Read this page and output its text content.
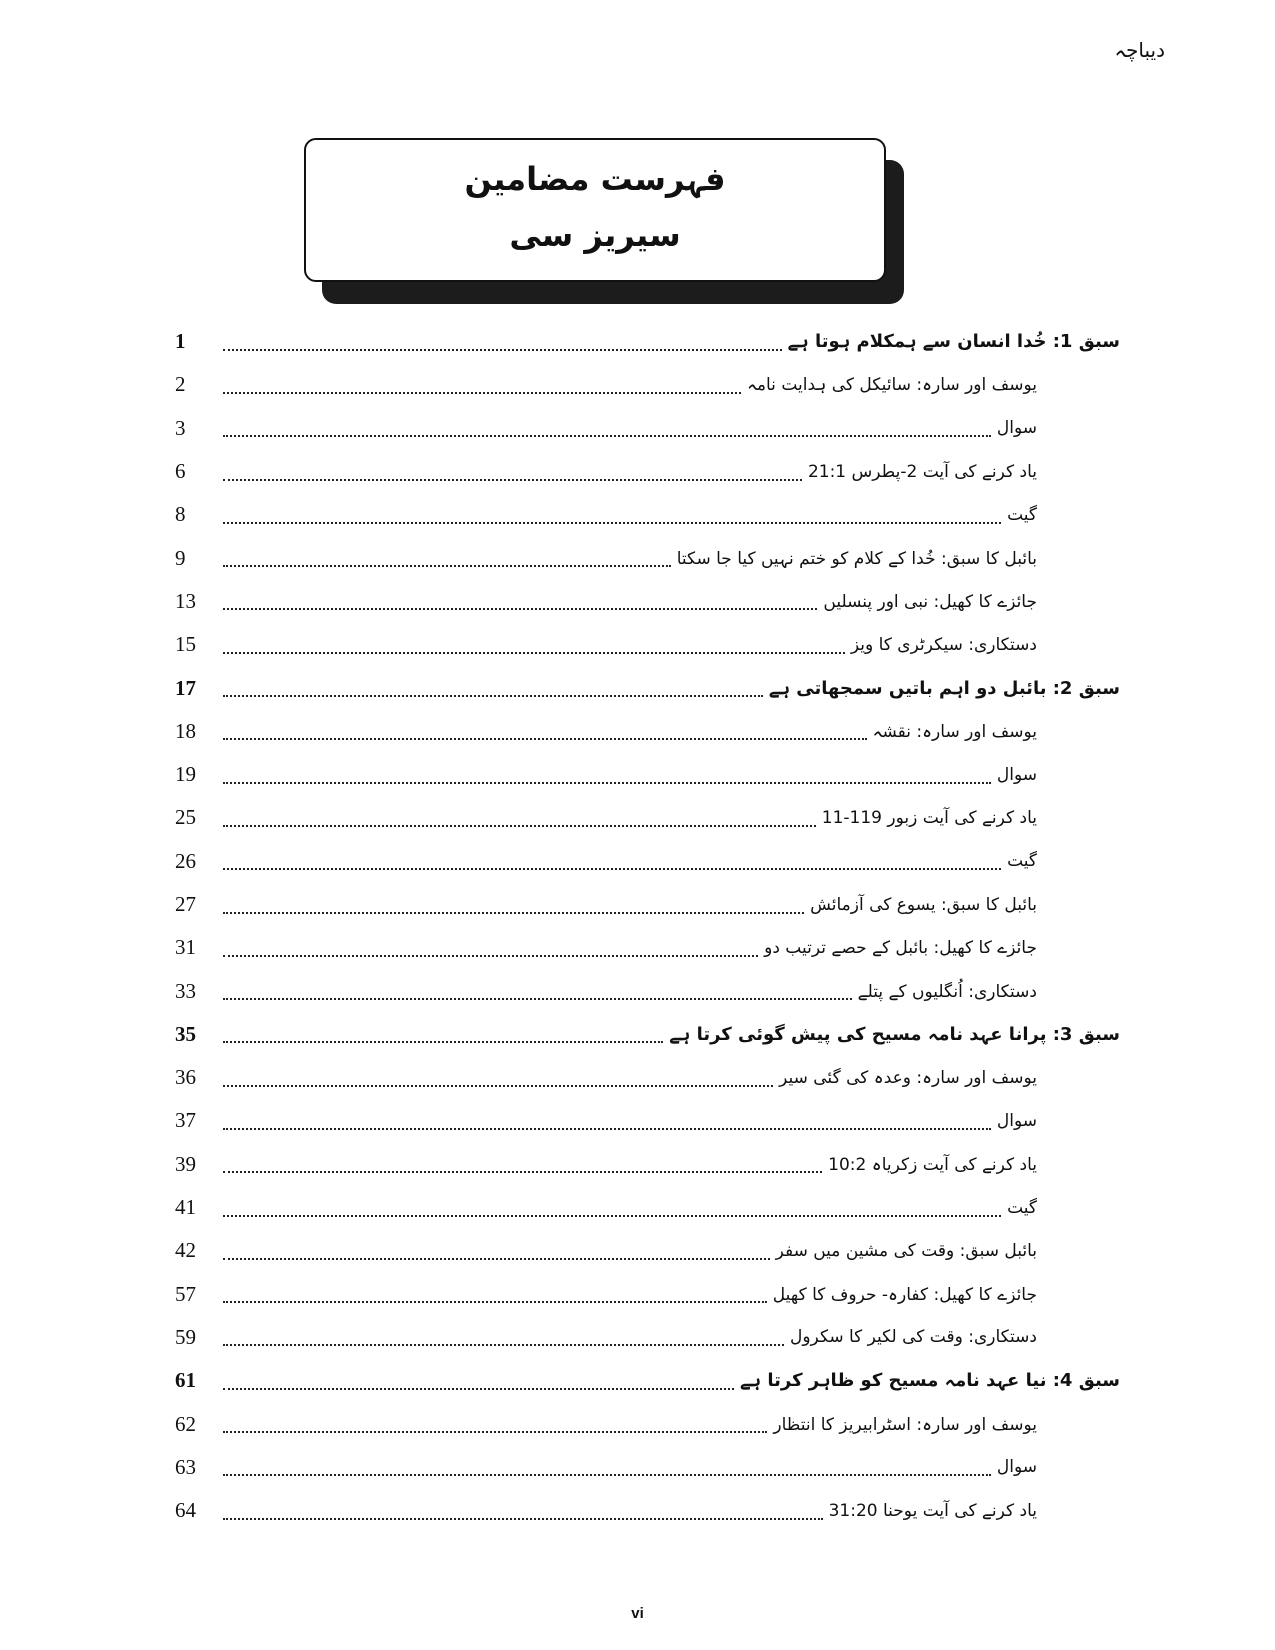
دیباچہ
فہرست مضامین
سیریز سی
سبق 1: خُدا انسان سے ہمکلام ہوتا ہے
1
یوسف اور سارہ: سائیکل کی ہدایت نامہ
2
سوال
3
یاد کرنے کی آیت 2-پطرس 21:1
6
گیت
8
بائبل کا سبق: خُدا کے کلام کو ختم نہیں کیا جا سکتا
9
جائزے کا کھیل: نبی اور پنسلیں
13
دستکاری: سیکرٹری کا ویز
15
سبق 2: بائبل دو اہم باتیں سمجھاتی ہے
17
یوسف اور سارہ: نقشہ
18
سوال
19
یاد کرنے کی آیت زبور 119-11
25
گیت
26
بائبل کا سبق: یسوع کی آزمائش
27
جائزے کا کھیل: بائبل کے حصے ترتیب دو
31
دستکاری: اُنگلیوں کے پتلے
33
سبق 3: پرانا عہد نامہ مسیح کی پیش گوئی کرتا ہے
35
یوسف اور سارہ: وعدہ کی گئی سیر
36
سوال
37
یاد کرنے کی آیت زکریاہ 10:2
39
گیت
41
بائبل سبق: وقت کی مشین میں سفر
42
جائزے کا کھیل: کفارہ- حروف کا کھیل
57
دستکاری: وقت کی لکیر کا سکرول
59
سبق 4: نیا عہد نامہ مسیح کو ظاہر کرتا ہے
61
یوسف اور سارہ: اسٹرابیریز کا انتظار
62
سوال
63
یاد کرنے کی آیت یوحنا 31:20
64
vi
